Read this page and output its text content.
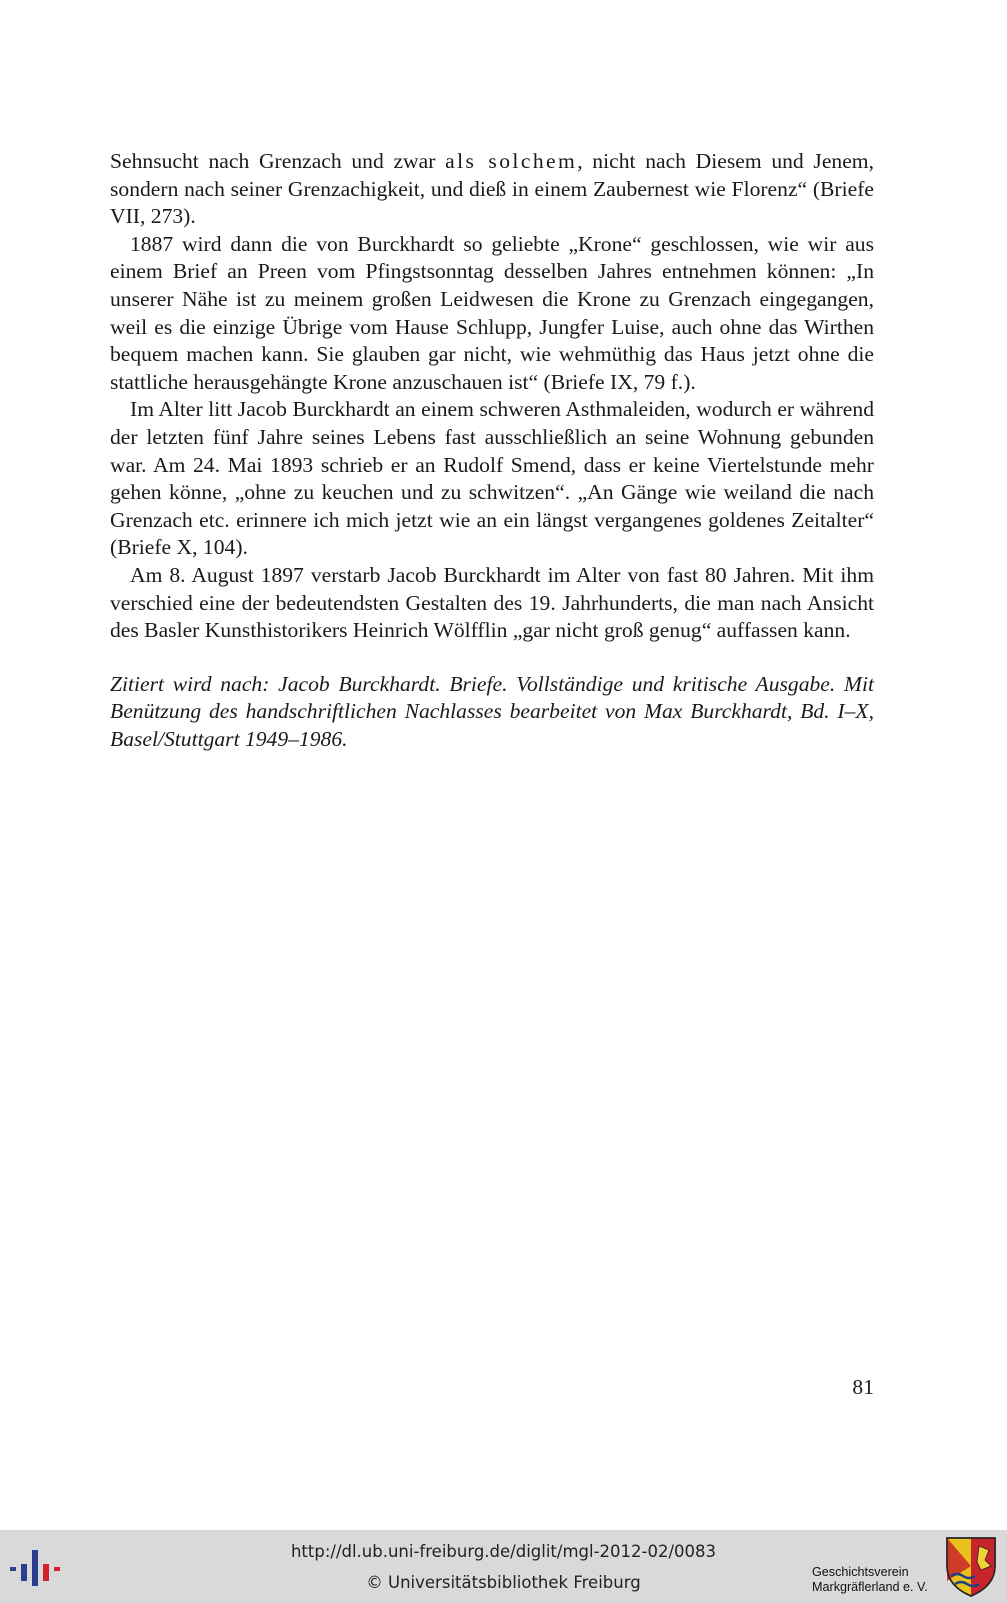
Sehnsucht nach Grenzach und zwar als solchem, nicht nach Diesem und Jenem, sondern nach seiner Grenzachigkeit, und dieß in einem Zaubernest wie Florenz“ (Briefe VII, 273).

1887 wird dann die von Burckhardt so geliebte „Krone“ geschlossen, wie wir aus einem Brief an Preen vom Pfingstsonntag desselben Jahres entnehmen können: „In unserer Nähe ist zu meinem großen Leidwesen die Krone zu Grenzach eingegangen, weil es die einzige Übrige vom Hause Schlupp, Jungfer Luise, auch ohne das Wirthen bequem machen kann. Sie glauben gar nicht, wie wehmüthig das Haus jetzt ohne die stattliche herausgehängte Krone anzuschauen ist“ (Briefe IX, 79 f.).

Im Alter litt Jacob Burckhardt an einem schweren Asthmaleiden, wodurch er während der letzten fünf Jahre seines Lebens fast ausschließlich an seine Wohnung gebunden war. Am 24. Mai 1893 schrieb er an Rudolf Smend, dass er keine Viertelstunde mehr gehen könne, „ohne zu keuchen und zu schwitzen“. „An Gänge wie weiland die nach Grenzach etc. erinnere ich mich jetzt wie an ein längst vergangenes goldenes Zeitalter“ (Briefe X, 104).

Am 8. August 1897 verstarb Jacob Burckhardt im Alter von fast 80 Jahren. Mit ihm verschied eine der bedeutendsten Gestalten des 19. Jahrhunderts, die man nach Ansicht des Basler Kunsthistorikers Heinrich Wölfflin „gar nicht groß genug“ auffassen kann.

Zitiert wird nach: Jacob Burckhardt. Briefe. Vollständige und kritische Ausgabe. Mit Benützung des handschriftlichen Nachlasses bearbeitet von Max Burckhardt, Bd. I–X, Basel/Stuttgart 1949–1986.

81
http://dl.ub.uni-freiburg.de/diglit/mgl-2012-02/0083
© Universitätsbibliothek Freiburg
Geschichtsverein
Markgräflerland e. V.
